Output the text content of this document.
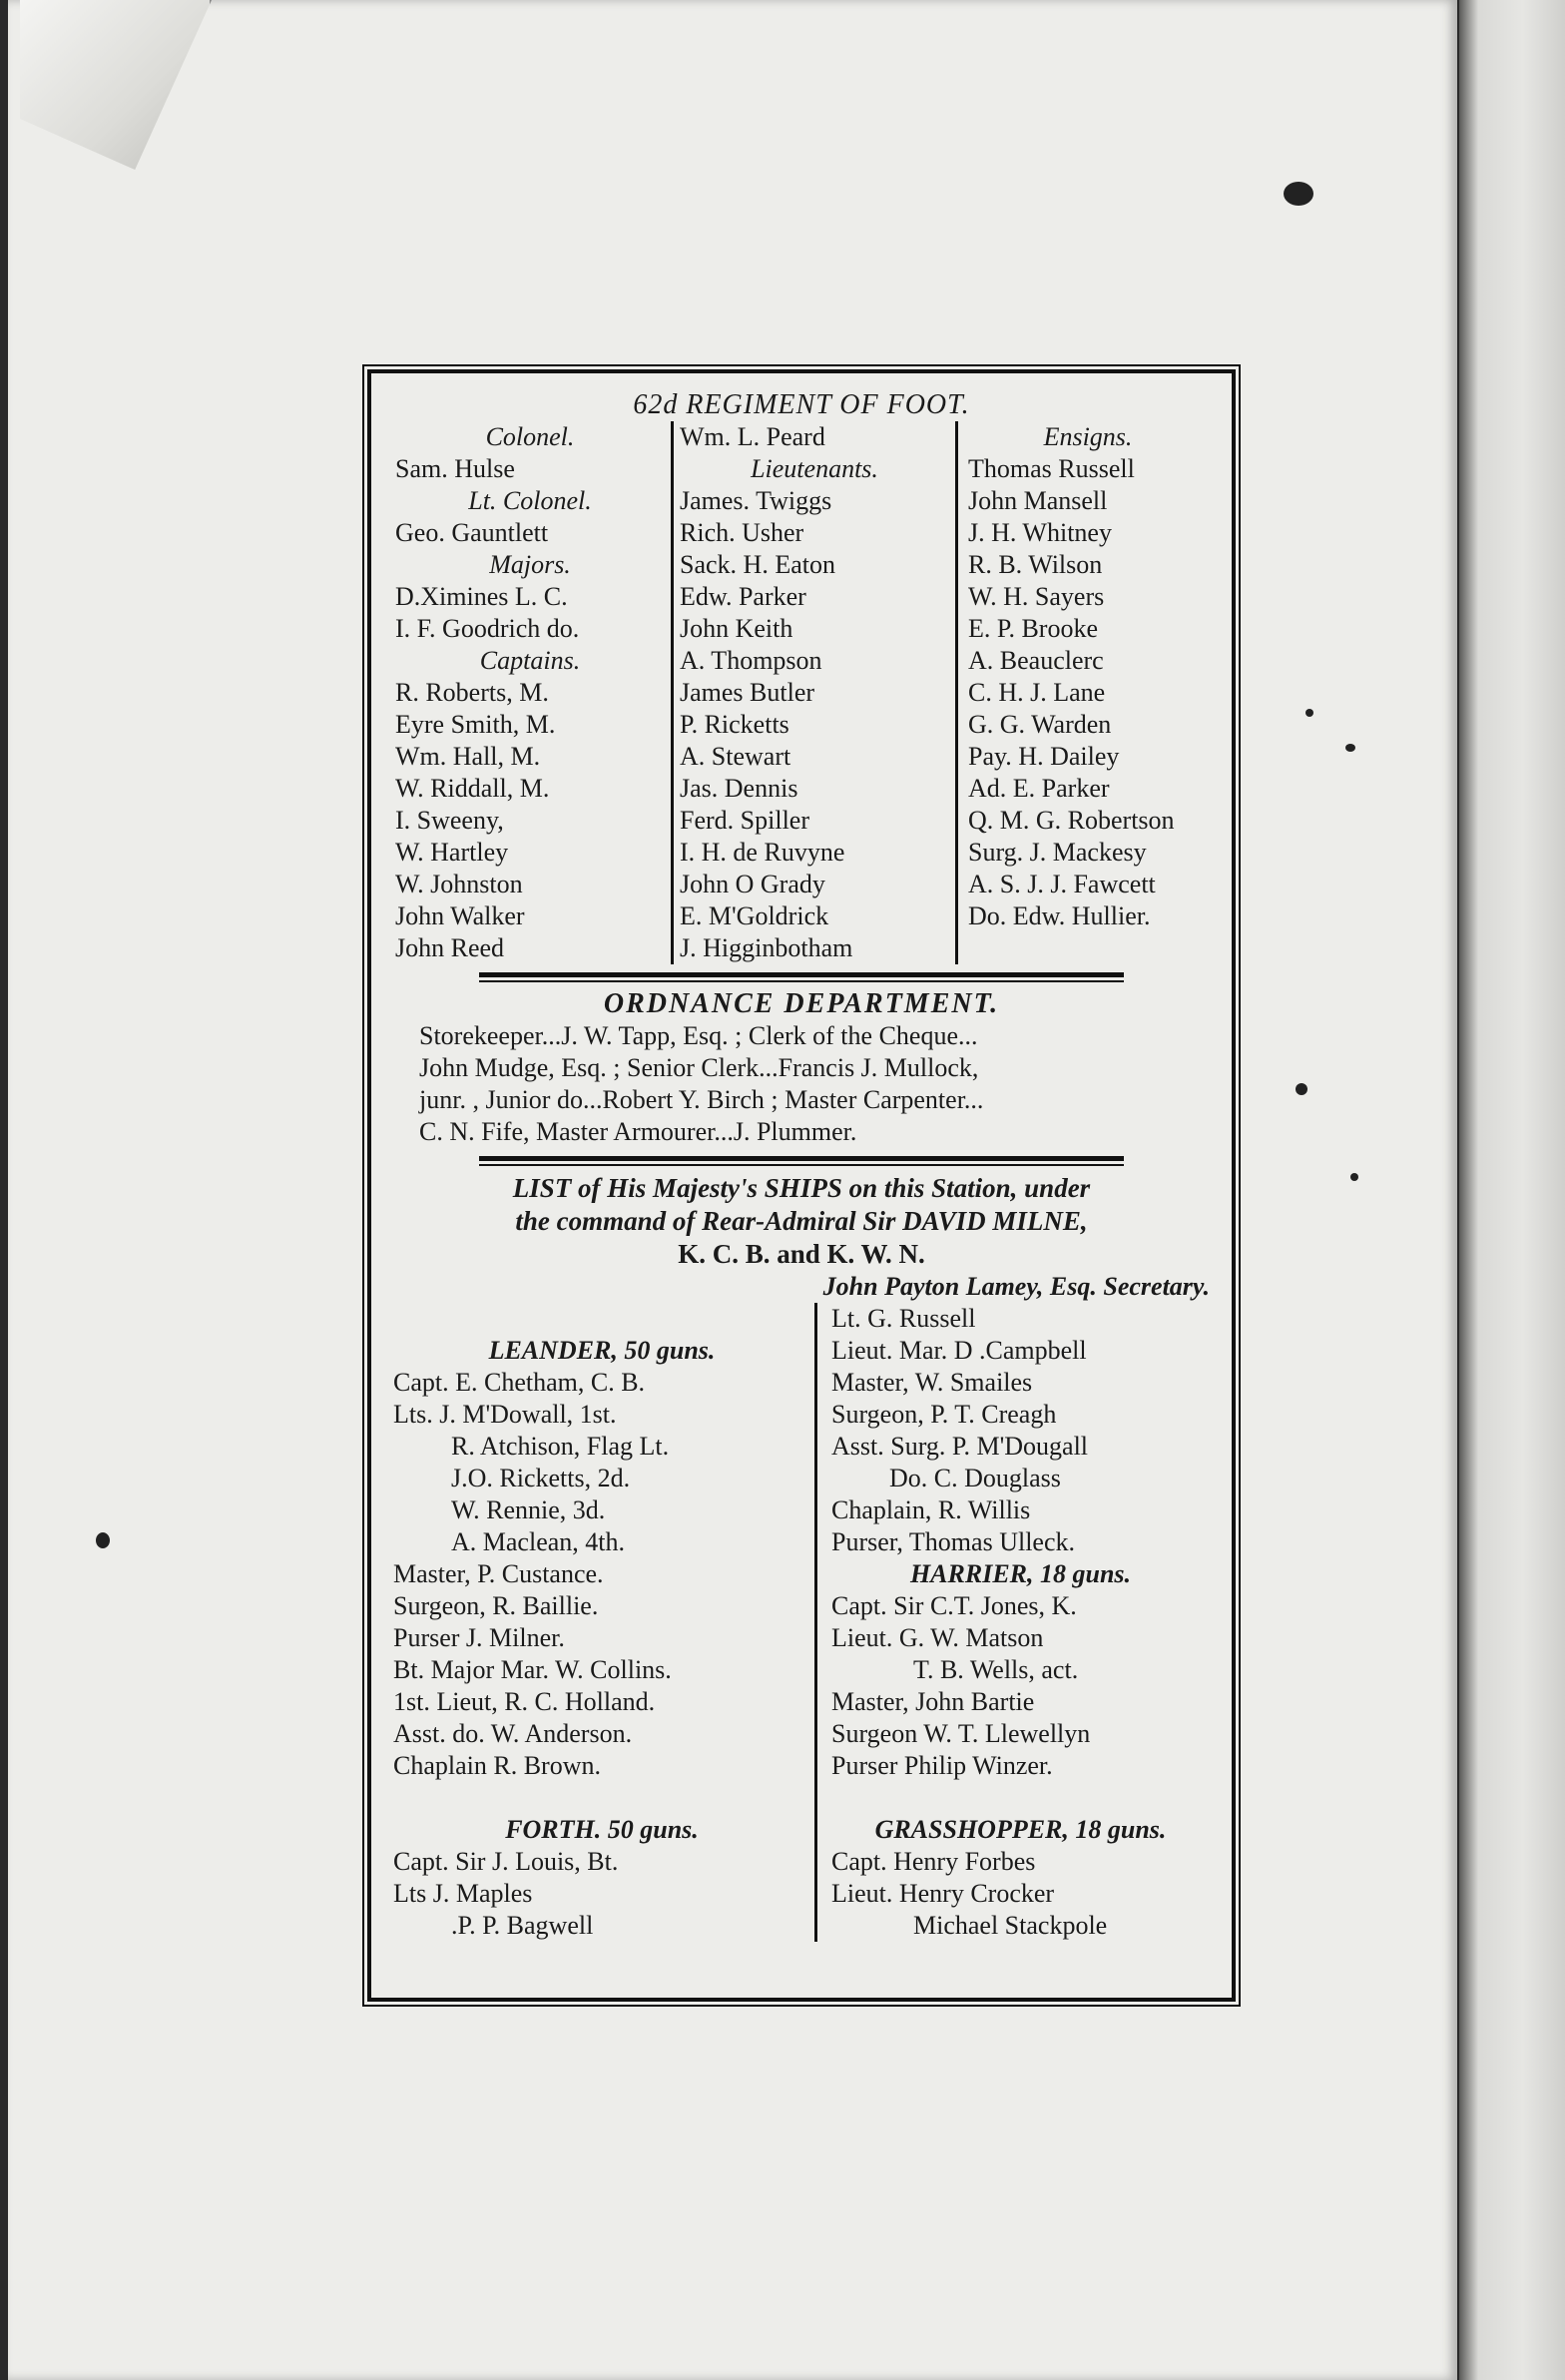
62d REGIMENT OF FOOT.
Colonel.
Sam. Hulse
Lt. Colonel.
Geo. Gauntlett
Majors.
D.Ximines L. C.
I. F. Goodrich do.
Captains.
R. Roberts, M.
Eyre Smith, M.
Wm. Hall, M.
W. Riddall, M.
I. Sweeny,
W. Hartley
W. Johnston
John Walker
John Reed
Wm. L. Peard
Lieutenants.
James. Twiggs
Rich. Usher
Sack. H. Eaton
Edw. Parker
John Keith
A. Thompson
James Butler
P. Ricketts
A. Stewart
Jas. Dennis
Ferd. Spiller
I. H. de Ruvyne
John O Grady
E. M'Goldrick
J. Higginbotham
Ensigns.
Thomas Russell
John Mansell
J. H. Whitney
R. B. Wilson
W. H. Sayers
E. P. Brooke
A. Beauclerc
C. H. J. Lane
G. G. Warden
Pay. H. Dailey
Ad. E. Parker
Q. M. G. Robertson
Surg. J. Mackesy
A. S. J. J. Fawcett
Do. Edw. Hullier.
ORDNANCE DEPARTMENT.

Storekeeper...J. W. Tapp, Esq. ; Clerk of the Cheque...

John Mudge, Esq. ; Senior Clerk...Francis J. Mullock,

junr. , Junior do...Robert Y. Birch ; Master Carpenter...

C. N. Fife, Master Armourer...J. Plummer.

LIST of His Majesty's SHIPS on this Station, under
the command of Rear-Admiral Sir DAVID MILNE,
K. C. B. and K. W. N.
John Payton Lamey, Esq. Secretary.
LEANDER, 50 guns.
Capt. E. Chetham, C. B.
Lts. J. M'Dowall, 1st.
R. Atchison, Flag Lt.
J.O. Ricketts, 2d.
W. Rennie, 3d.
A. Maclean, 4th.
Master, P. Custance.
Surgeon, R. Baillie.
Purser J. Milner.
Bt. Major Mar. W. Collins.
1st. Lieut, R. C. Holland.
Asst. do. W. Anderson.
Chaplain R. Brown.
FORTH. 50 guns.
Capt. Sir J. Louis, Bt.
Lts J. Maples
.P. P. Bagwell
Lt. G. Russell
Lieut. Mar. D .Campbell
Master, W. Smailes
Surgeon, P. T. Creagh
Asst. Surg. P. M'Dougall
Do. C. Douglass
Chaplain, R. Willis
Purser, Thomas Ulleck.
HARRIER, 18 guns.
Capt. Sir C.T. Jones, K.
Lieut. G. W. Matson
T. B. Wells, act.
Master, John Bartie
Surgeon W. T. Llewellyn
Purser Philip Winzer.
GRASSHOPPER, 18 guns.
Capt. Henry Forbes
Lieut. Henry Crocker
Michael Stackpole
